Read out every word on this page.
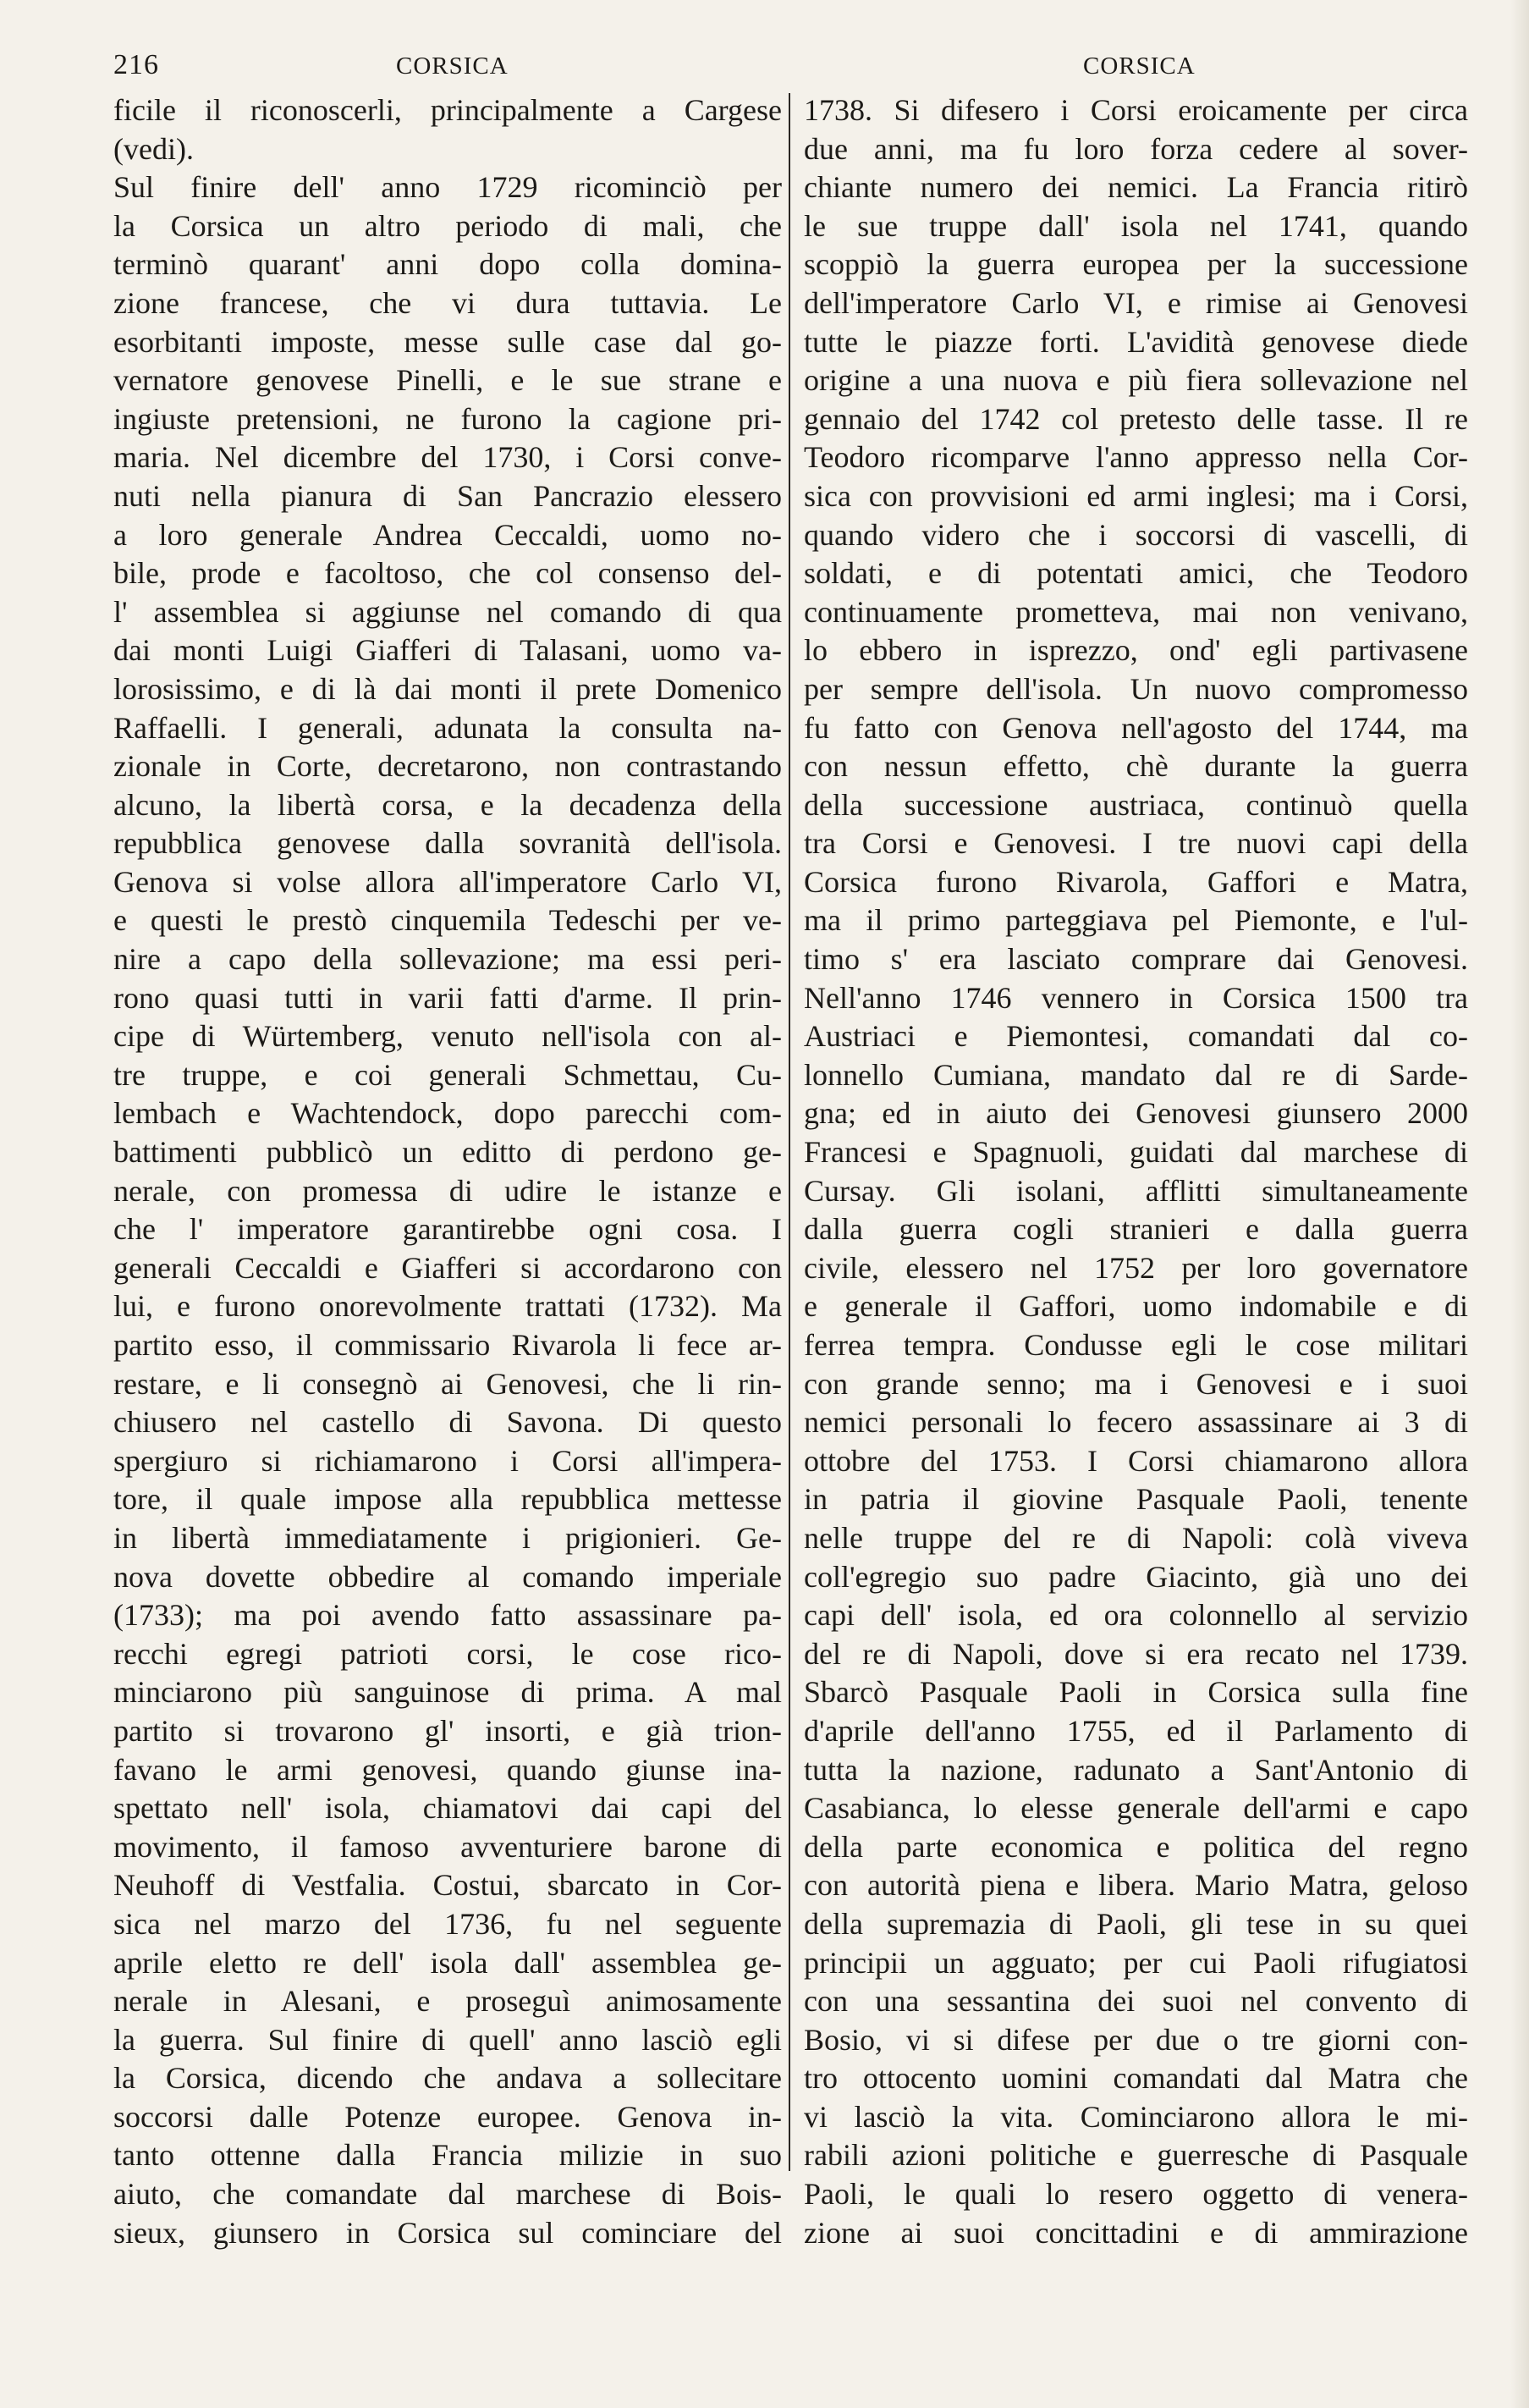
216	CORSICA	CORSICA
ficile il riconoscerli, principalmente a Cargese
(vedi).
Sul finire dell' anno 1729 ricominciò per
la Corsica un altro periodo di mali, che
terminò quarant' anni dopo colla domina-
zione francese, che vi dura tuttavia. Le
esorbitanti imposte, messe sulle case dal go-
vernatore genovese Pinelli, e le sue strane e
ingiuste pretensioni, ne furono la cagione pri-
maria. Nel dicembre del 1730, i Corsi conve-
nuti nella pianura di San Pancrazio elessero
a loro generale Andrea Ceccaldi, uomo no-
bile, prode e facoltoso, che col consenso del-
l' assemblea si aggiunse nel comando di qua
dai monti Luigi Giafferi di Talasani, uomo va-
lorosissimo, e di là dai monti il prete Domenico
Raffaelli. I generali, adunata la consulta na-
zionale in Corte, decretarono, non contrastando
alcuno, la libertà corsa, e la decadenza della
repubblica genovese dalla sovranità dell'isola.
Genova si volse allora all'imperatore Carlo VI,
e questi le prestò cinquemila Tedeschi per ve-
nire a capo della sollevazione; ma essi peri-
rono quasi tutti in varii fatti d'arme. Il prin-
cipe di Würtemberg, venuto nell'isola con al-
tre truppe, e coi generali Schmettau, Cu-
lembach e Wachtendock, dopo parecchi com-
battimenti pubblicò un editto di perdono ge-
nerale, con promessa di udire le istanze e
che l' imperatore garantirebbe ogni cosa. I
generali Ceccaldi e Giafferi si accordarono con
lui, e furono onorevolmente trattati (1732). Ma
partito esso, il commissario Rivarola li fece ar-
restare, e li consegnò ai Genovesi, che li rin-
chiusero nel castello di Savona. Di questo
spergiuro si richiamarono i Corsi all'impera-
tore, il quale impose alla repubblica mettesse
in libertà immediatamente i prigionieri. Ge-
nova dovette obbedire al comando imperiale
(1733); ma poi avendo fatto assassinare pa-
recchi egregi patrioti corsi, le cose rico-
minciarono più sanguinose di prima. A mal
partito si trovarono gl' insorti, e già trion-
favano le armi genovesi, quando giunse ina-
spettato nell' isola, chiamatovi dai capi del
movimento, il famoso avventuriere barone di
Neuhoff di Vestfalia. Costui, sbarcato in Cor-
sica nel marzo del 1736, fu nel seguente
aprile eletto re dell' isola dall' assemblea ge-
nerale in Alesani, e proseguì animosamente
la guerra. Sul finire di quell' anno lasciò egli
la Corsica, dicendo che andava a sollecitare
soccorsi dalle Potenze europee. Genova in-
tanto ottenne dalla Francia milizie in suo
aiuto, che comandate dal marchese di Bois-
sieux, giunsero in Corsica sul cominciare del
1738. Si difesero i Corsi eroicamente per circa
due anni, ma fu loro forza cedere al sover-
chiante numero dei nemici. La Francia ritirò
le sue truppe dall' isola nel 1741, quando
scoppiò la guerra europea per la successione
dell'imperatore Carlo VI, e rimise ai Genovesi
tutte le piazze forti. L'avidità genovese diede
origine a una nuova e più fiera sollevazione nel
gennaio del 1742 col pretesto delle tasse. Il re
Teodoro ricomparve l'anno appresso nella Cor-
sica con provvisioni ed armi inglesi; ma i Corsi,
quando videro che i soccorsi di vascelli, di
soldati, e di potentati amici, che Teodoro
continuamente prometteva, mai non venivano,
lo ebbero in isprezzo, ond' egli partivasene
per sempre dell'isola. Un nuovo compromesso
fu fatto con Genova nell'agosto del 1744, ma
con nessun effetto, chè durante la guerra
della successione austriaca, continuò quella
tra Corsi e Genovesi. I tre nuovi capi della
Corsica furono Rivarola, Gaffori e Matra,
ma il primo parteggiava pel Piemonte, e l'ul-
timo s' era lasciato comprare dai Genovesi.
Nell'anno 1746 vennero in Corsica 1500 tra
Austriaci e Piemontesi, comandati dal co-
lonnello Cumiana, mandato dal re di Sarde-
gna; ed in aiuto dei Genovesi giunsero 2000
Francesi e Spagnuoli, guidati dal marchese di
Cursay. Gli isolani, afflitti simultaneamente
dalla guerra cogli stranieri e dalla guerra
civile, elessero nel 1752 per loro governatore
e generale il Gaffori, uomo indomabile e di
ferrea tempra. Condusse egli le cose militari
con grande senno; ma i Genovesi e i suoi
nemici personali lo fecero assassinare ai 3 di
ottobre del 1753. I Corsi chiamarono allora
in patria il giovine Pasquale Paoli, tenente
nelle truppe del re di Napoli: colà viveva
coll'egregio suo padre Giacinto, già uno dei
capi dell' isola, ed ora colonnello al servizio
del re di Napoli, dove si era recato nel 1739.
Sbarcò Pasquale Paoli in Corsica sulla fine
d'aprile dell'anno 1755, ed il Parlamento di
tutta la nazione, radunato a Sant'Antonio di
Casabianca, lo elesse generale dell'armi e capo
della parte economica e politica del regno
con autorità piena e libera. Mario Matra, geloso
della supremazia di Paoli, gli tese in su quei
principii un agguato; per cui Paoli rifugiatosi
con una sessantina dei suoi nel convento di
Bosio, vi si difese per due o tre giorni con-
tro ottocento uomini comandati dal Matra che
vi lasciò la vita. Cominciarono allora le mi-
rabili azioni politiche e guerresche di Pasquale
Paoli, le quali lo resero oggetto di venera-
zione ai suoi concittadini e di ammirazione
